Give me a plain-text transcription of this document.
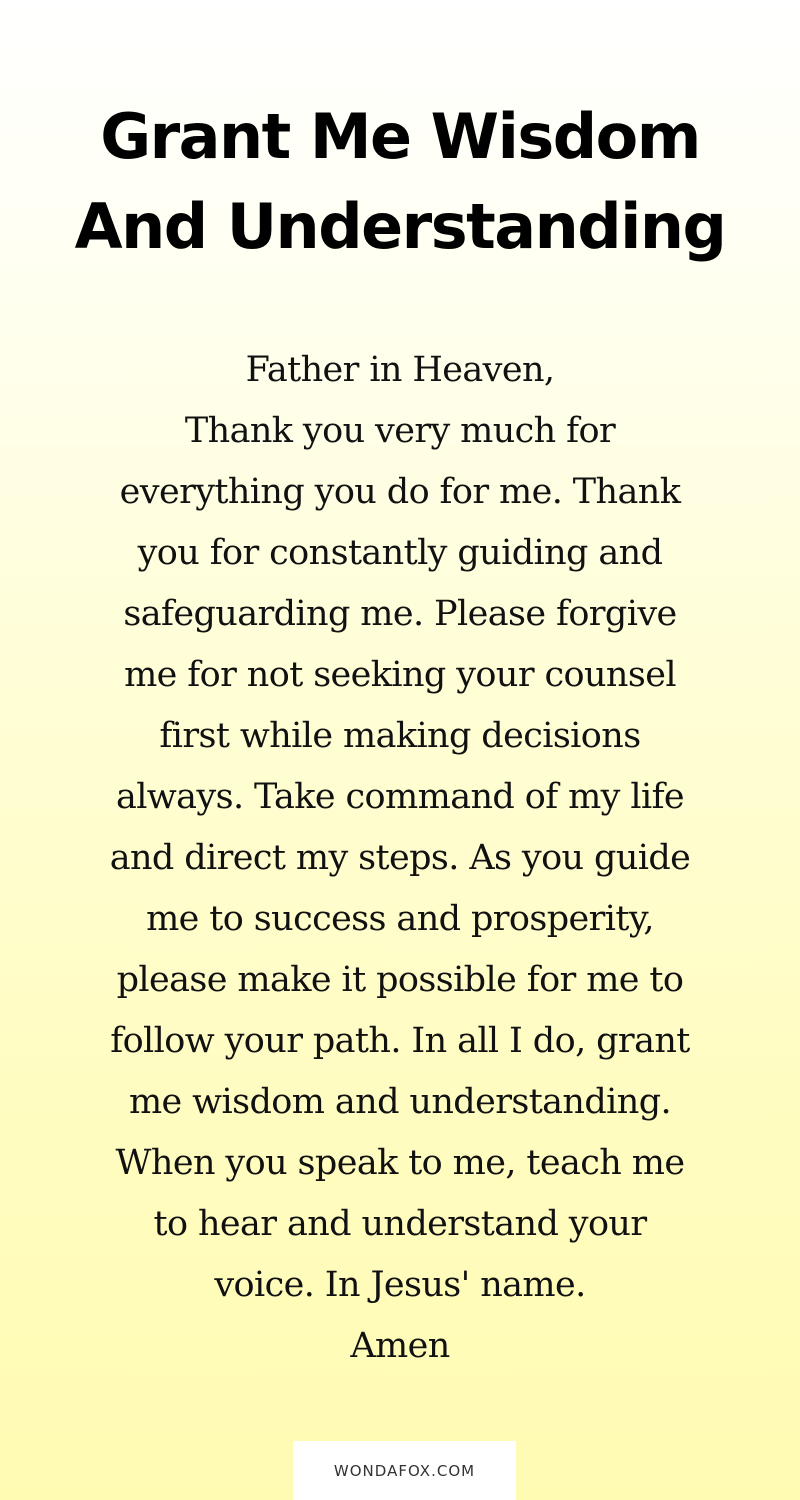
Grant Me Wisdom
And Understanding
Father in Heaven,
Thank you very much for
everything you do for me. Thank
you for constantly guiding and
safeguarding me. Please forgive
me for not seeking your counsel
first while making decisions
always. Take command of my life
and direct my steps. As you guide
me to success and prosperity,
please make it possible for me to
follow your path. In all I do, grant
me wisdom and understanding.
When you speak to me, teach me
to hear and understand your
voice. In Jesus' name.
Amen
WONDAFOX.COM
